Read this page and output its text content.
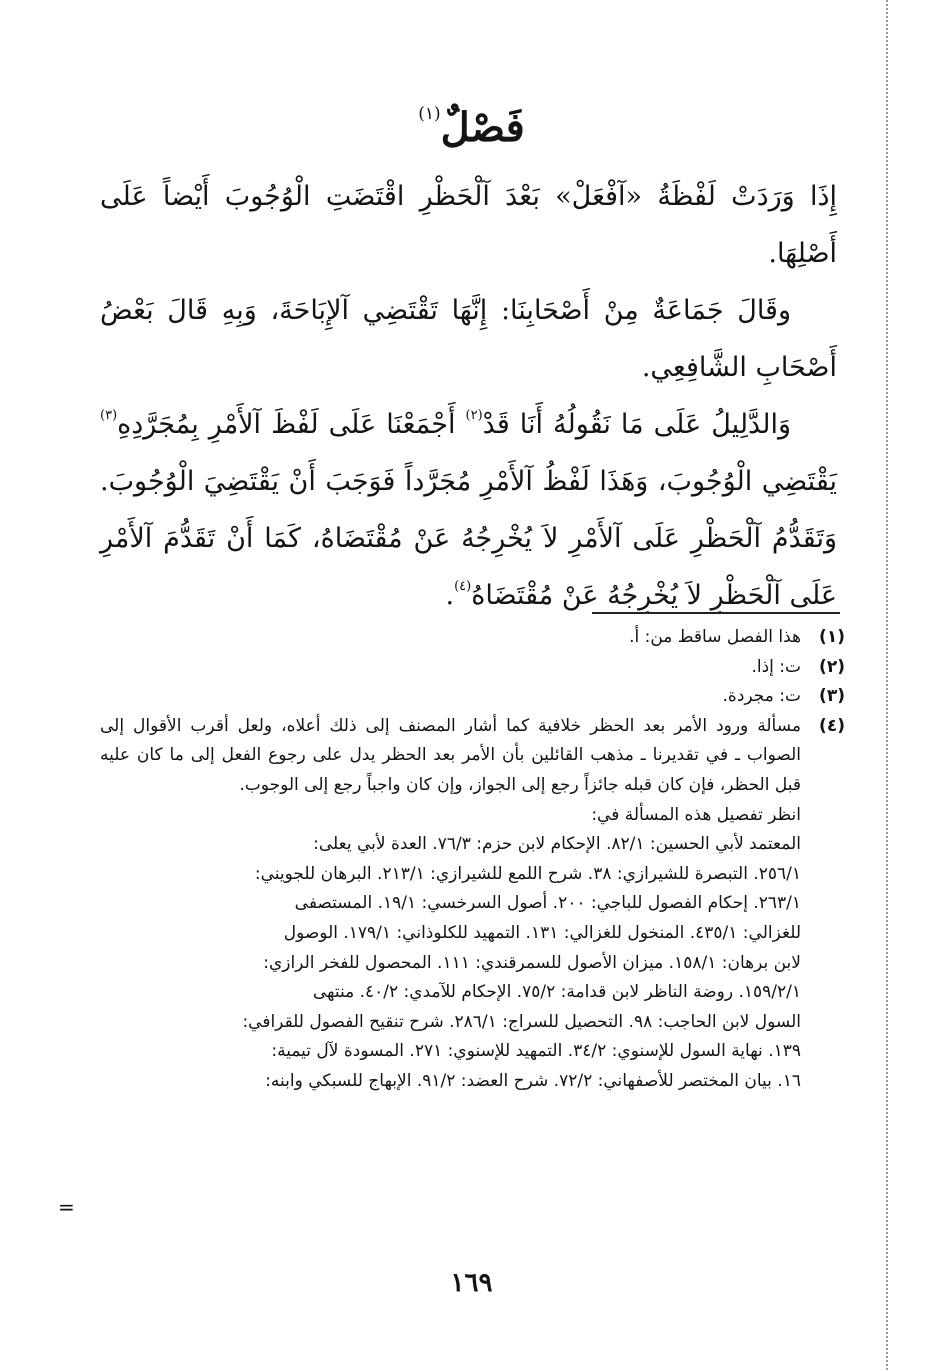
فَصْلٌ$^{(١)}$

إِذَا وَرَدَتْ لَفْظَةُ «آفْعَلْ» بَعْدَ آلْحَظْرِ اقْتَضَتِ الْوُجُوبَ أَيْضاً عَلَى أَصْلِهَا.

وقَالَ جَمَاعَةٌ مِنْ أَصْحَابِنَا: إِنَّهَا تَقْتَضِي آلإِبَاحَةَ، وَبِهِ قَالَ بَعْضُ أَصْحَابِ الشَّافِعِي.

وَالدَّلِيلُ عَلَى مَا نَقُولُهُ أَنَا قَدْ$^{(٢)}$ أَجْمَعْنَا عَلَى لَفْظَ آلأَمْرِ بِمُجَرَّدِهِ$^{(٣)}$ يَقْتَضِي الْوُجُوبَ، وَهَذَا لَفْظُ آلأَمْرِ مُجَرَّداً فَوَجَبَ أَنْ يَقْتَضِيَ الْوُجُوبَ. وَتَقَدُّمُ آلْحَظْرِ عَلَى آلأَمْرِ لاَ يُخْرِجُهُ عَنْ مُقْتَضَاهُ، كَمَا أَنْ تَقَدُّمَ آلأَمْرِ عَلَى آلْحَظْرِ لاَ يُخْرِجُهُ عَنْ مُقْتَضَاهُ$^{(٤)}$.

(١)
هذا الفصل ساقط من: أ.
(٢)
ت: إذا.
(٣)
ت: مجردة.
(٤)
مسألة ورود الأمر بعد الحظر خلافية كما أشار المصنف إلى ذلك أعلاه، ولعل أقرب الأقوال إلى الصواب ـ في تقديرنا ـ مذهب القائلين بأن الأمر بعد الحظر يدل على رجوع الفعل إلى ما كان عليه قبل الحظر، فإن كان قبله جائزاً رجع إلى الجواز، وإن كان واجباً رجع إلى الوجوب.
انظر تفصيل هذه المسألة في:
المعتمد لأبي الحسين: ٨٢/١. الإحكام لابن حزم: ٧٦/٣. العدة لأبي يعلى:
٢٥٦/١. التبصرة للشيرازي: ٣٨. شرح اللمع للشيرازي: ٢١٣/١. البرهان للجويني:
٢٦٣/١. إحكام الفصول للباجي: ٢٠٠. أصول السرخسي: ١٩/١. المستصفى
للغزالي: ٤٣٥/١. المنخول للغزالي: ١٣١. التمهيد للكلوذاني: ١٧٩/١. الوصول
لابن برهان: ١٥٨/١. ميزان الأصول للسمرقندي: ١١١. المحصول للفخر الرازي:
١٥٩/٢/١. روضة الناظر لابن قدامة: ٧٥/٢. الإحكام للآمدي: ٤٠/٢. منتهى
السول لابن الحاجب: ٩٨. التحصيل للسراج: ٢٨٦/١. شرح تنقيح الفصول للقرافي:
١٣٩. نهاية السول للإسنوي: ٣٤/٢. التمهيد للإسنوي: ٢٧١. المسودة لآل تيمية:
١٦. بيان المختصر للأصفهاني: ٧٢/٢. شرح العضد: ٩١/٢. الإبهاج للسبكي وابنه:
=
١٦٩
